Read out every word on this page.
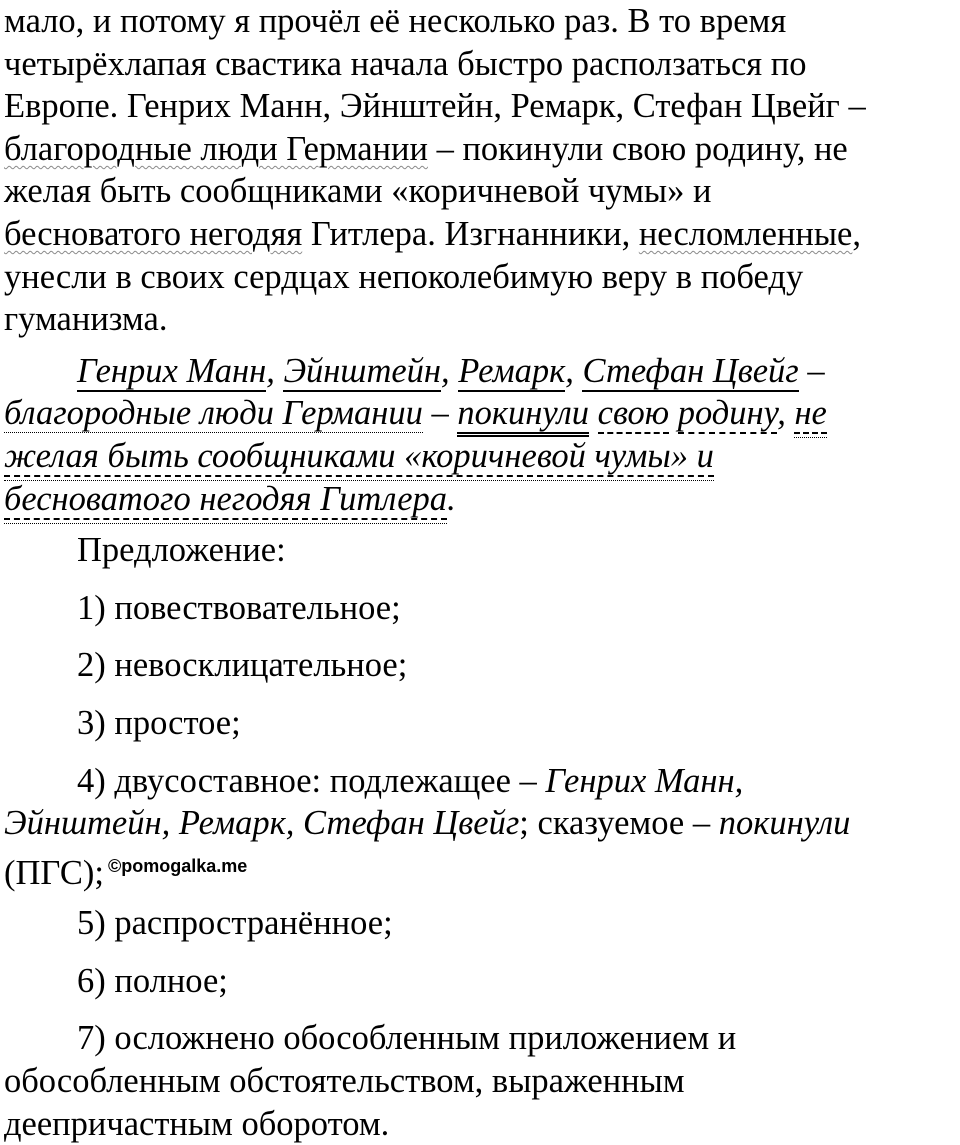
мало, и потому я прочёл её несколько раз. В то время
четырёхлапая свастика начала быстро расползаться по
Европе. Генрих Манн, Эйнштейн, Ремарк, Стефан Цвейг –
благородные люди Германии – покинули свою родину, не
желая быть сообщниками «коричневой чумы» и
бесноватого негодяя Гитлера. Изгнанники, несломленные,
унесли в своих сердцах непоколебимую веру в победу
гуманизма.
Генрих Манн, Эйнштейн, Ремарк, Стефан Цвейг –
благородные люди Германии – покинули свою родину, не
желая быть сообщниками «коричневой чумы» и
бесноватого негодяя Гитлера.
Предложение:
1) повествовательное;
2) невосклицательное;
3) простое;
4) двусоставное: подлежащее – Генрих Манн,
Эйнштейн, Ремарк, Стефан Цвейг; сказуемое – покинули
(ПГС); $^{©pomogalka.me}$
5) распространённое;
6) полное;
7) осложнено обособленным приложением и
обособленным обстоятельством, выраженным
деепричастным оборотом.
